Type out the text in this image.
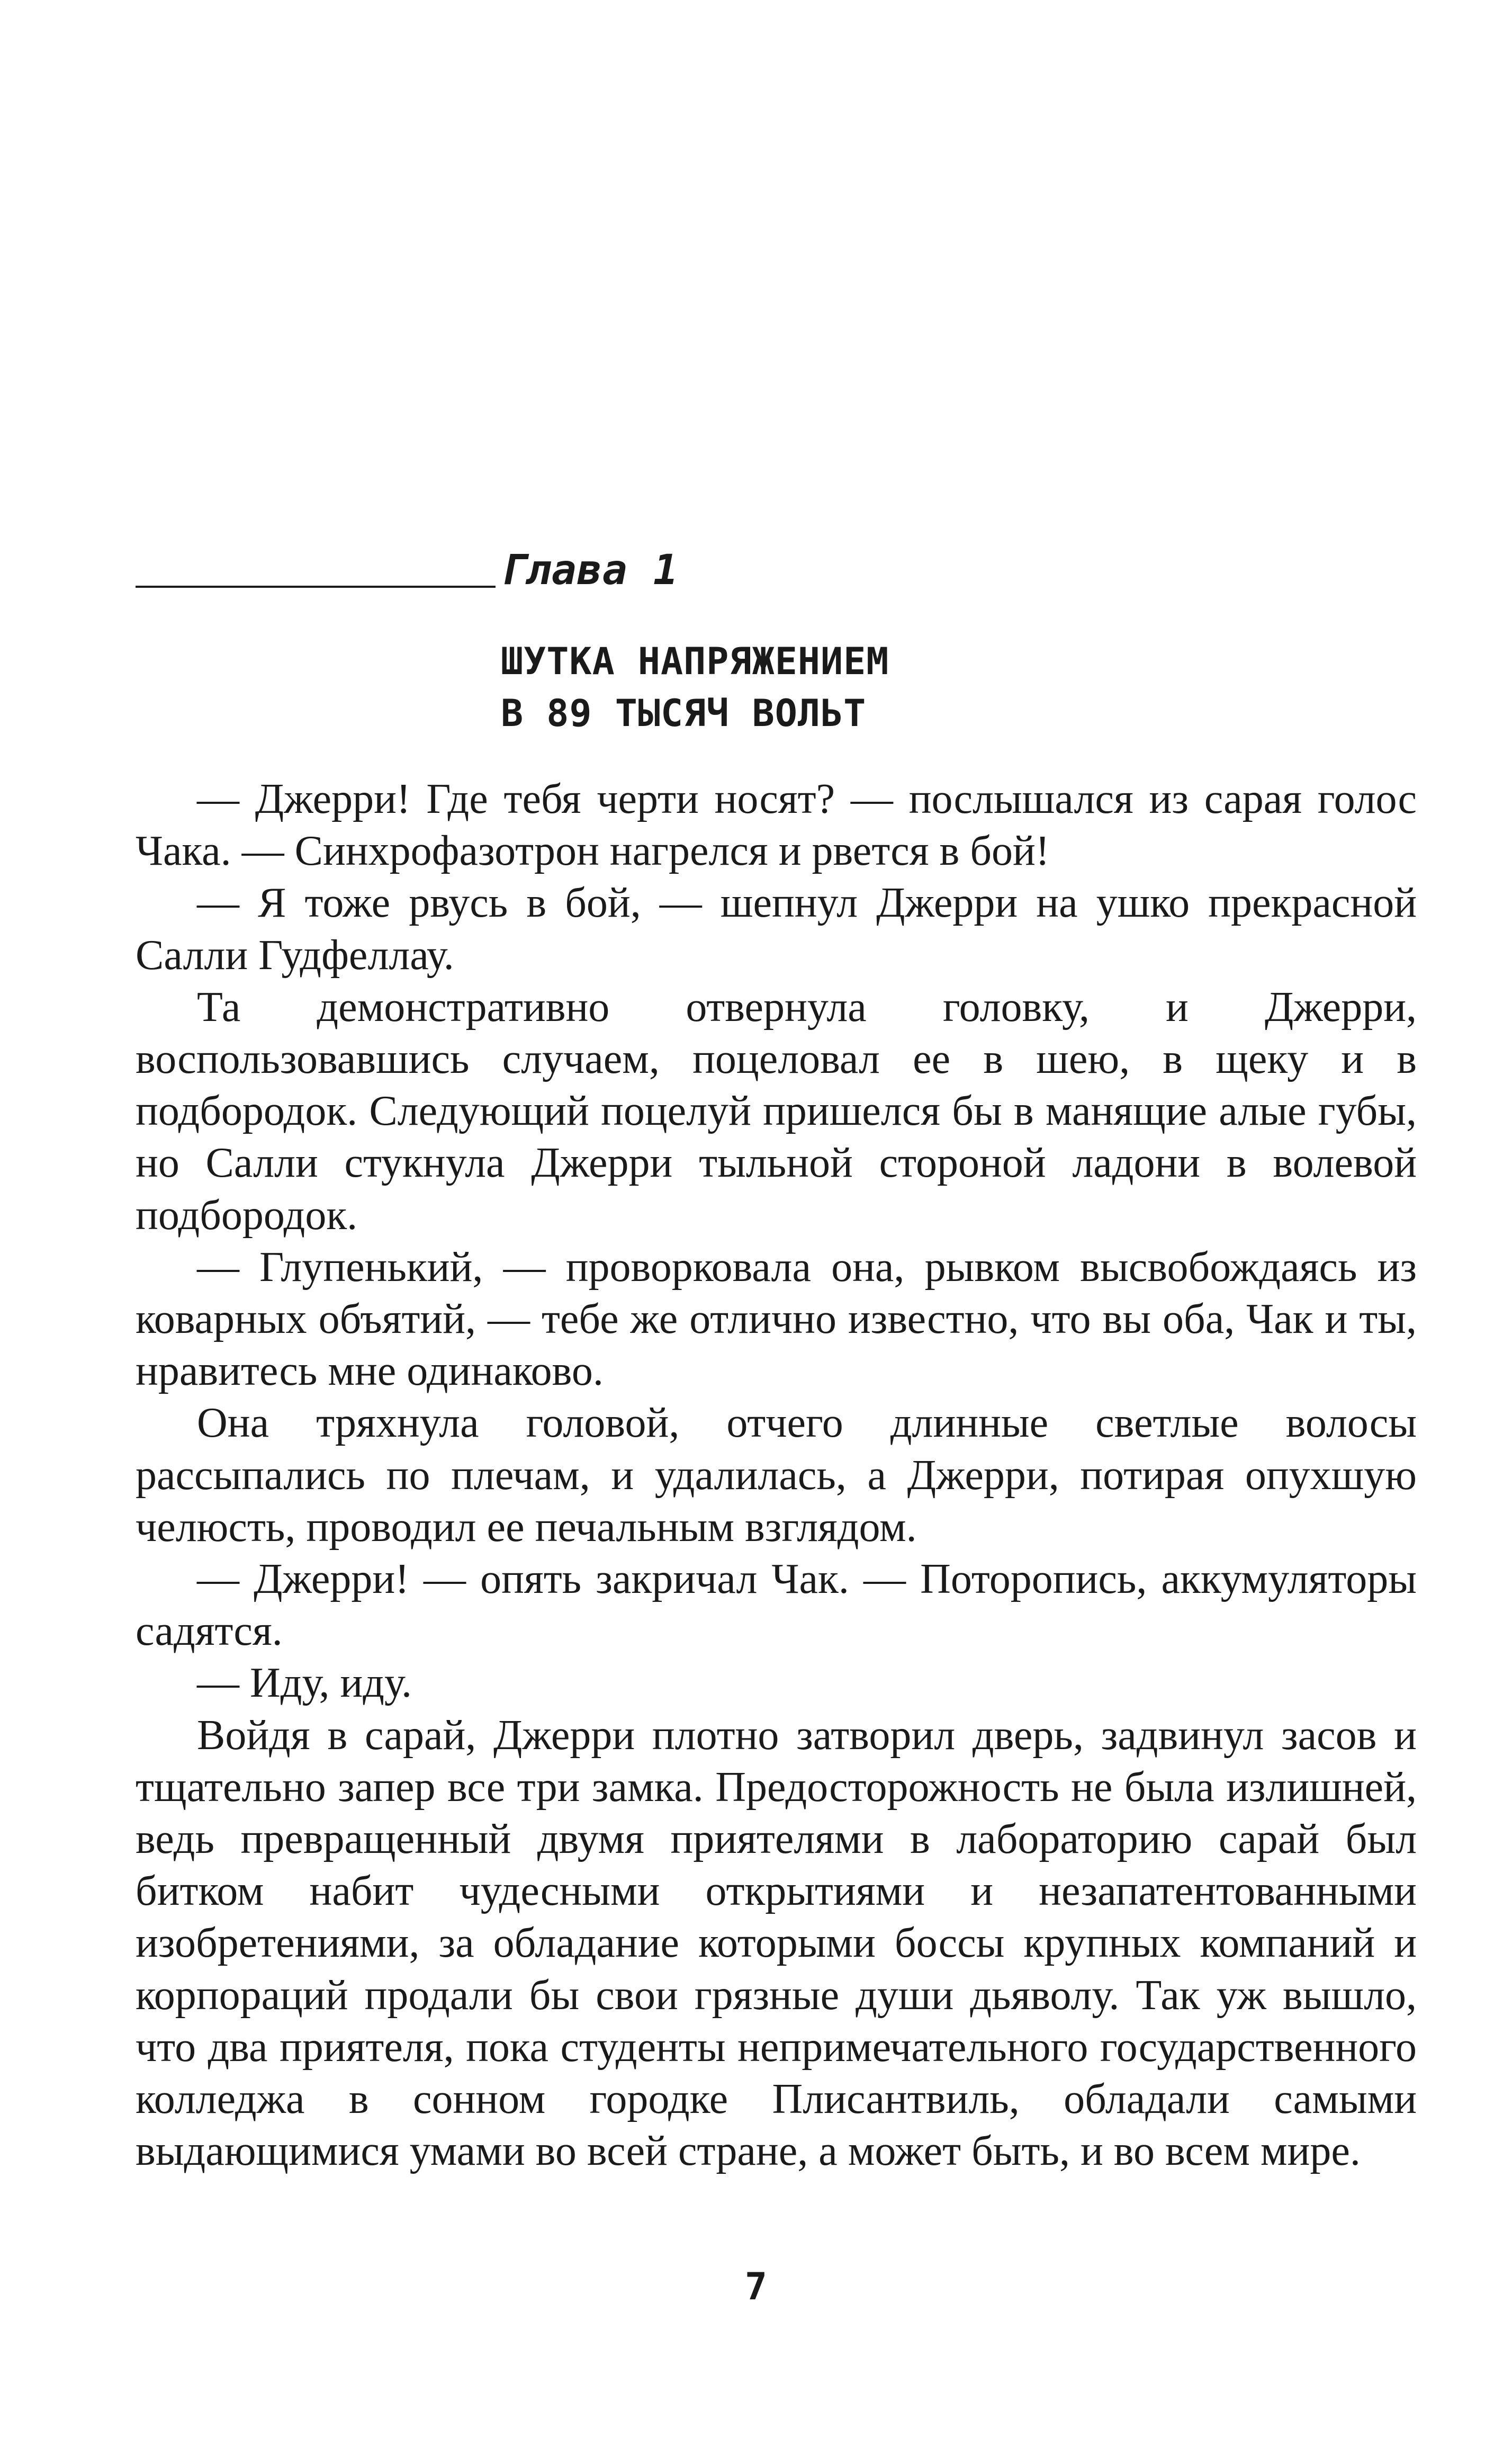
Глава 1
ШУТКА НАПРЯЖЕНИЕМ
В 89 ТЫСЯЧ ВОЛЬТ

— Джерри! Где тебя черти носят? — послышался из сарая голос Чака. — Синхрофазотрон нагрелся и рвется в бой!

— Я тоже рвусь в бой, — шепнул Джерри на ушко прекрасной Салли Гудфеллау.

Та демонстративно отвернула головку, и Джерри, воспользовавшись случаем, поцеловал ее в шею, в щеку и в подбородок. Следующий поцелуй пришелся бы в манящие алые губы, но Салли стукнула Джерри тыльной стороной ладони в волевой подбородок.

— Глупенький, — проворковала она, рывком высвобождаясь из коварных объятий, — тебе же отлично известно, что вы оба, Чак и ты, нравитесь мне одинаково.

Она тряхнула головой, отчего длинные светлые волосы рассыпались по плечам, и удалилась, а Джерри, потирая опухшую челюсть, проводил ее печальным взглядом.

— Джерри! — опять закричал Чак. — Поторопись, аккумуляторы садятся.

— Иду, иду.

Войдя в сарай, Джерри плотно затворил дверь, задвинул засов и тщательно запер все три замка. Предосторожность не была излишней, ведь превращенный двумя приятелями в лабораторию сарай был битком набит чудесными открытиями и незапатентованными изобретениями, за обладание которыми боссы крупных компаний и корпораций продали бы свои грязные души дьяволу. Так уж вышло, что два приятеля, пока студенты непримечательного государственного колледжа в сонном городке Плисантвиль, обладали самыми выдающимися умами во всей стране, а может быть, и во всем мире.

7
